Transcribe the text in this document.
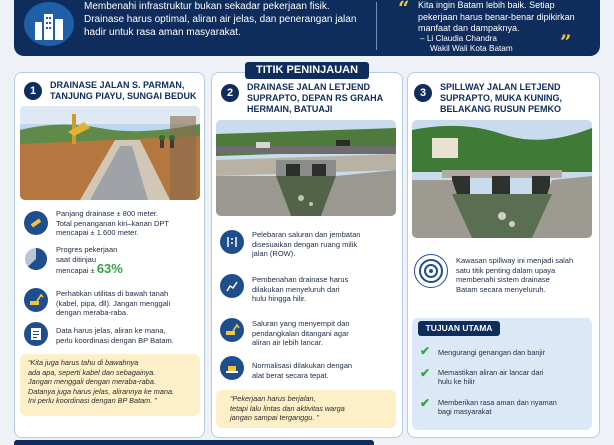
Membenahi infrastruktur bukan sekadar pekerjaan fisik. Drainase harus optimal, aliran air jelas, dan penerangan jalan hadir untuk rasa aman masyarakat.
“ Kita ingin Batam lebih baik. Setiap pekerjaan harus benar-benar dipikirkan manfaat dan dampaknya.
– Li Claudia Chandra
Wakil Wali Kota Batam ”
1	DRAINASE JALAN S. PARMAN, TANJUNG PIAYU, SUNGAI BEDUK
Panjang drainase ± 800 meter.
Total penanganan kiri–kanan DPT
mencapai ± 1.600 meter.
Progres pekerjaan
saat ditinjau
mencapai ± 63%
Perhatikan utilitas di bawah tanah
(kabel, pipa, dll). Jangan menggali
dengan meraba-raba.
Data harus jelas, aliran ke mana,
perlu koordinasi dengan BP Batam.
“Kita juga harus tahu di bawahnya
ada apa, seperti kabel dan sebagainya.
Jangan menggali dengan meraba-raba.
Datanya juga harus jelas, alirannya ke mana.
Ini perlu koordinasi dengan BP Batam. ”
TITIK PENINJAUAN
2	DRAINASE JALAN LETJEND SUPRAPTO, DEPAN RS GRAHA HERMAIN, BATUAJI
Pelebaran saluran dan jembatan
disesuaikan dengan ruang milik
jalan (ROW).
Pembenahan drainase harus
dilakukan menyeluruh dari
hulu hingga hilir.
Saluran yang menyempit dan
pendangkalan ditangani agar
aliran air lebih lancar.
Normalisasi dilakukan dengan
alat berat secara tepat.
“Pekerjaan harus berjalan,
tetapi lalu lintas dan aktivitas warga
jangan sampai terganggu. ”
3	SPILLWAY JALAN LETJEND SUPRAPTO, MUKA KUNING, BELAKANG RUSUN PEMKO
Kawasan spillway ini menjadi salah
satu titik penting dalam upaya
membenahi sistem drainase
Batam secara menyeluruh.
TUJUAN UTAMA
✔ Mengurangi genangan dan banjir
✔ Memastikan aliran air lancar dari
hulu ke hilir
✔ Memberikan rasa aman dan nyaman
bagi masyarakat
